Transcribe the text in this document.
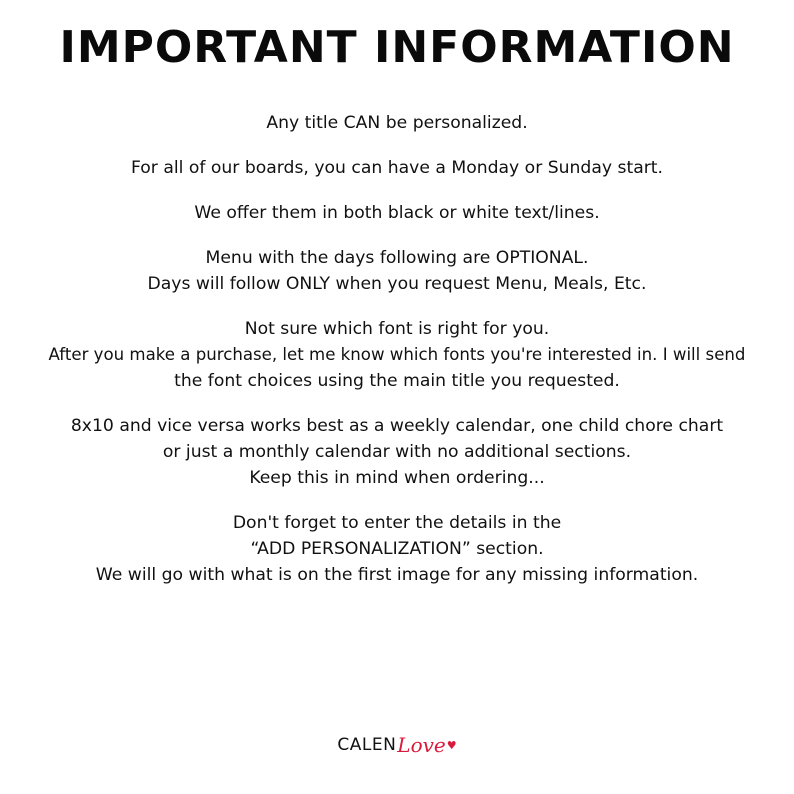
IMPORTANT INFORMATION

Any title CAN be personalized.

For all of our boards, you can have a Monday or Sunday start.

We offer them in both black or white text/lines.

Menu with the days following are OPTIONAL.
Days will follow ONLY when you request Menu, Meals, Etc.

Not sure which font is right for you.
After you make a purchase, let me know which fonts you're interested in. I will send
the font choices using the main title you requested.

8x10 and vice versa works best as a weekly calendar, one child chore chart
or just a monthly calendar with no additional sections.
Keep this in mind when ordering...

Don't forget to enter the details in the
“ADD PERSONALIZATION” section.
We will go with what is on the first image for any missing information.

CALENLove♥
